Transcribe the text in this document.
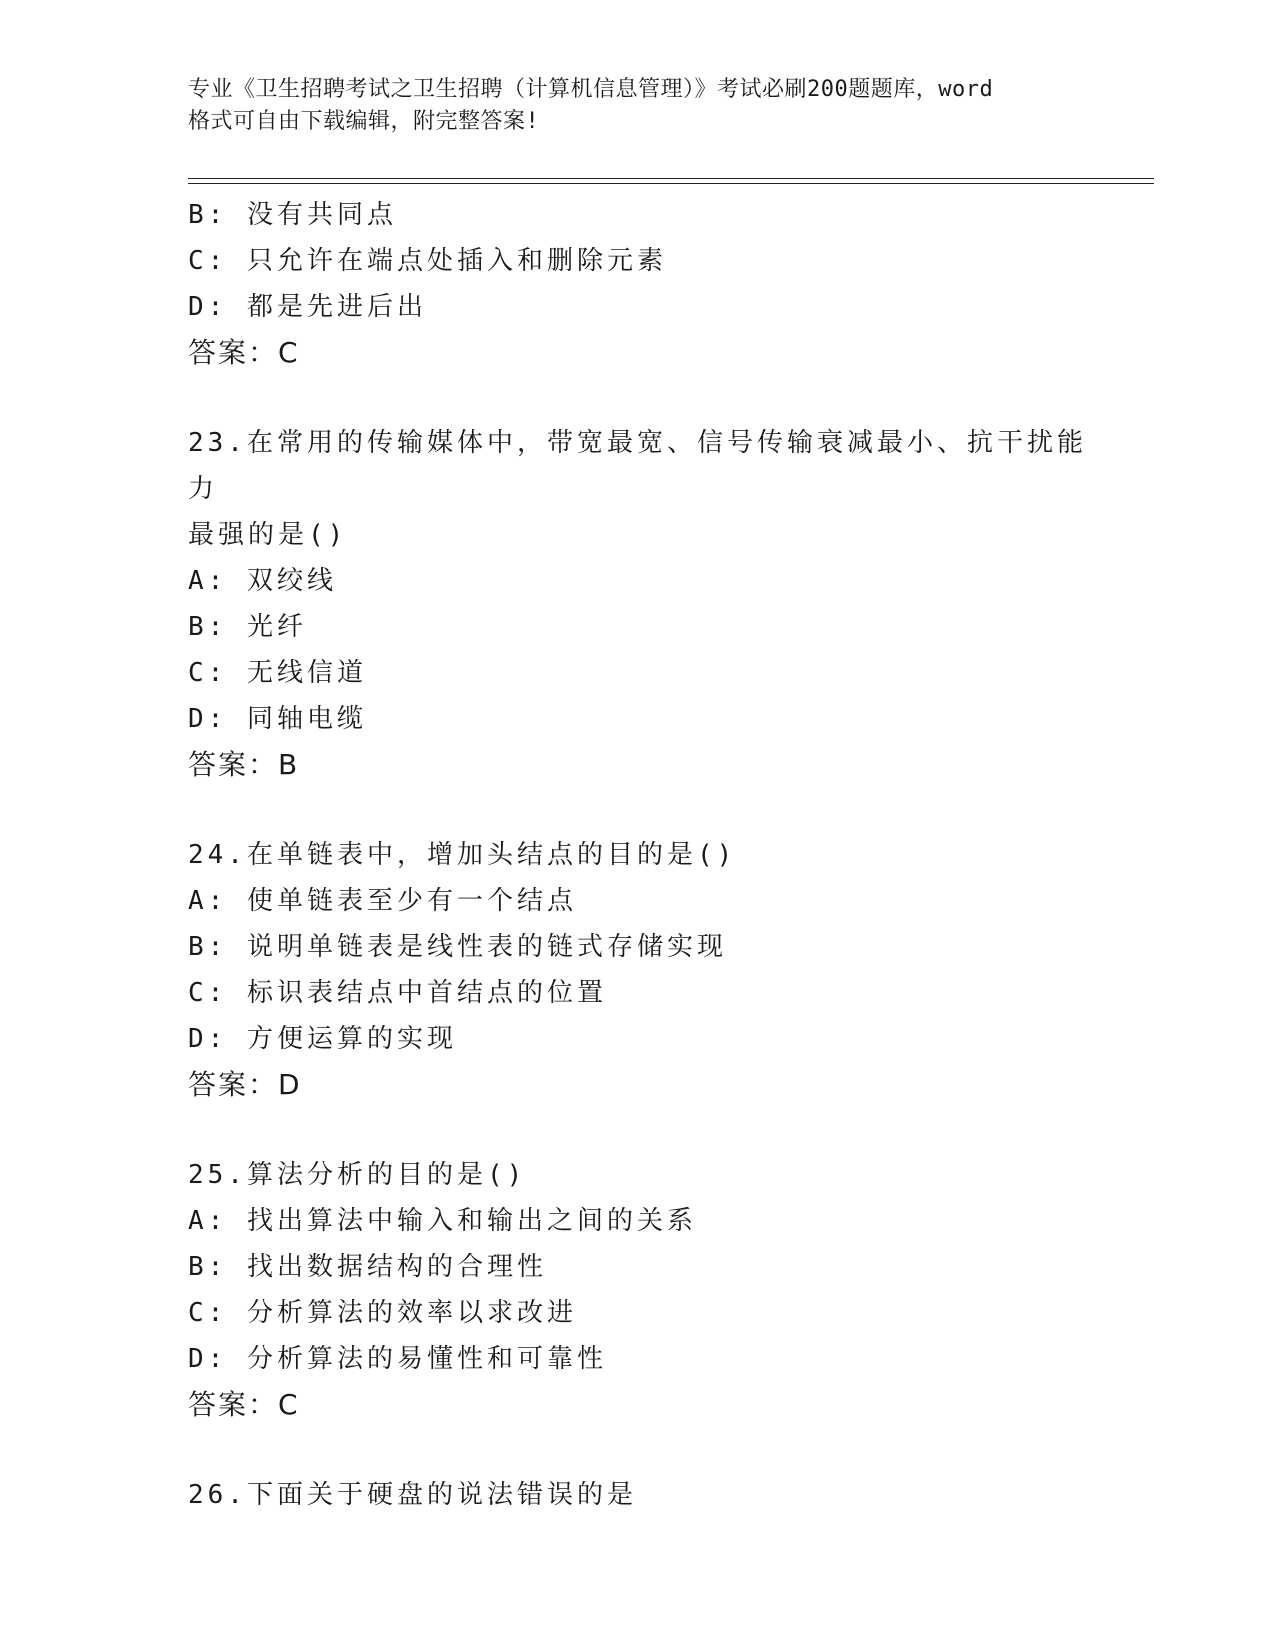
专业《卫生招聘考试之卫生招聘（计算机信息管理）》考试必刷200题题库，word
格式可自由下载编辑，附完整答案!
B: 没有共同点
C: 只允许在端点处插入和删除元素
D: 都是先进后出
答案：C
23.在常用的传输媒体中，带宽最宽、信号传输衰减最小、抗干扰能力
最强的是()
A: 双绞线
B: 光纤
C: 无线信道
D: 同轴电缆
答案：B
24.在单链表中，增加头结点的目的是()
A: 使单链表至少有一个结点
B: 说明单链表是线性表的链式存储实现
C: 标识表结点中首结点的位置
D: 方便运算的实现
答案：D
25.算法分析的目的是()
A: 找出算法中输入和输出之间的关系
B: 找出数据结构的合理性
C: 分析算法的效率以求改进
D: 分析算法的易懂性和可靠性
答案：C
26.下面关于硬盘的说法错误的是
